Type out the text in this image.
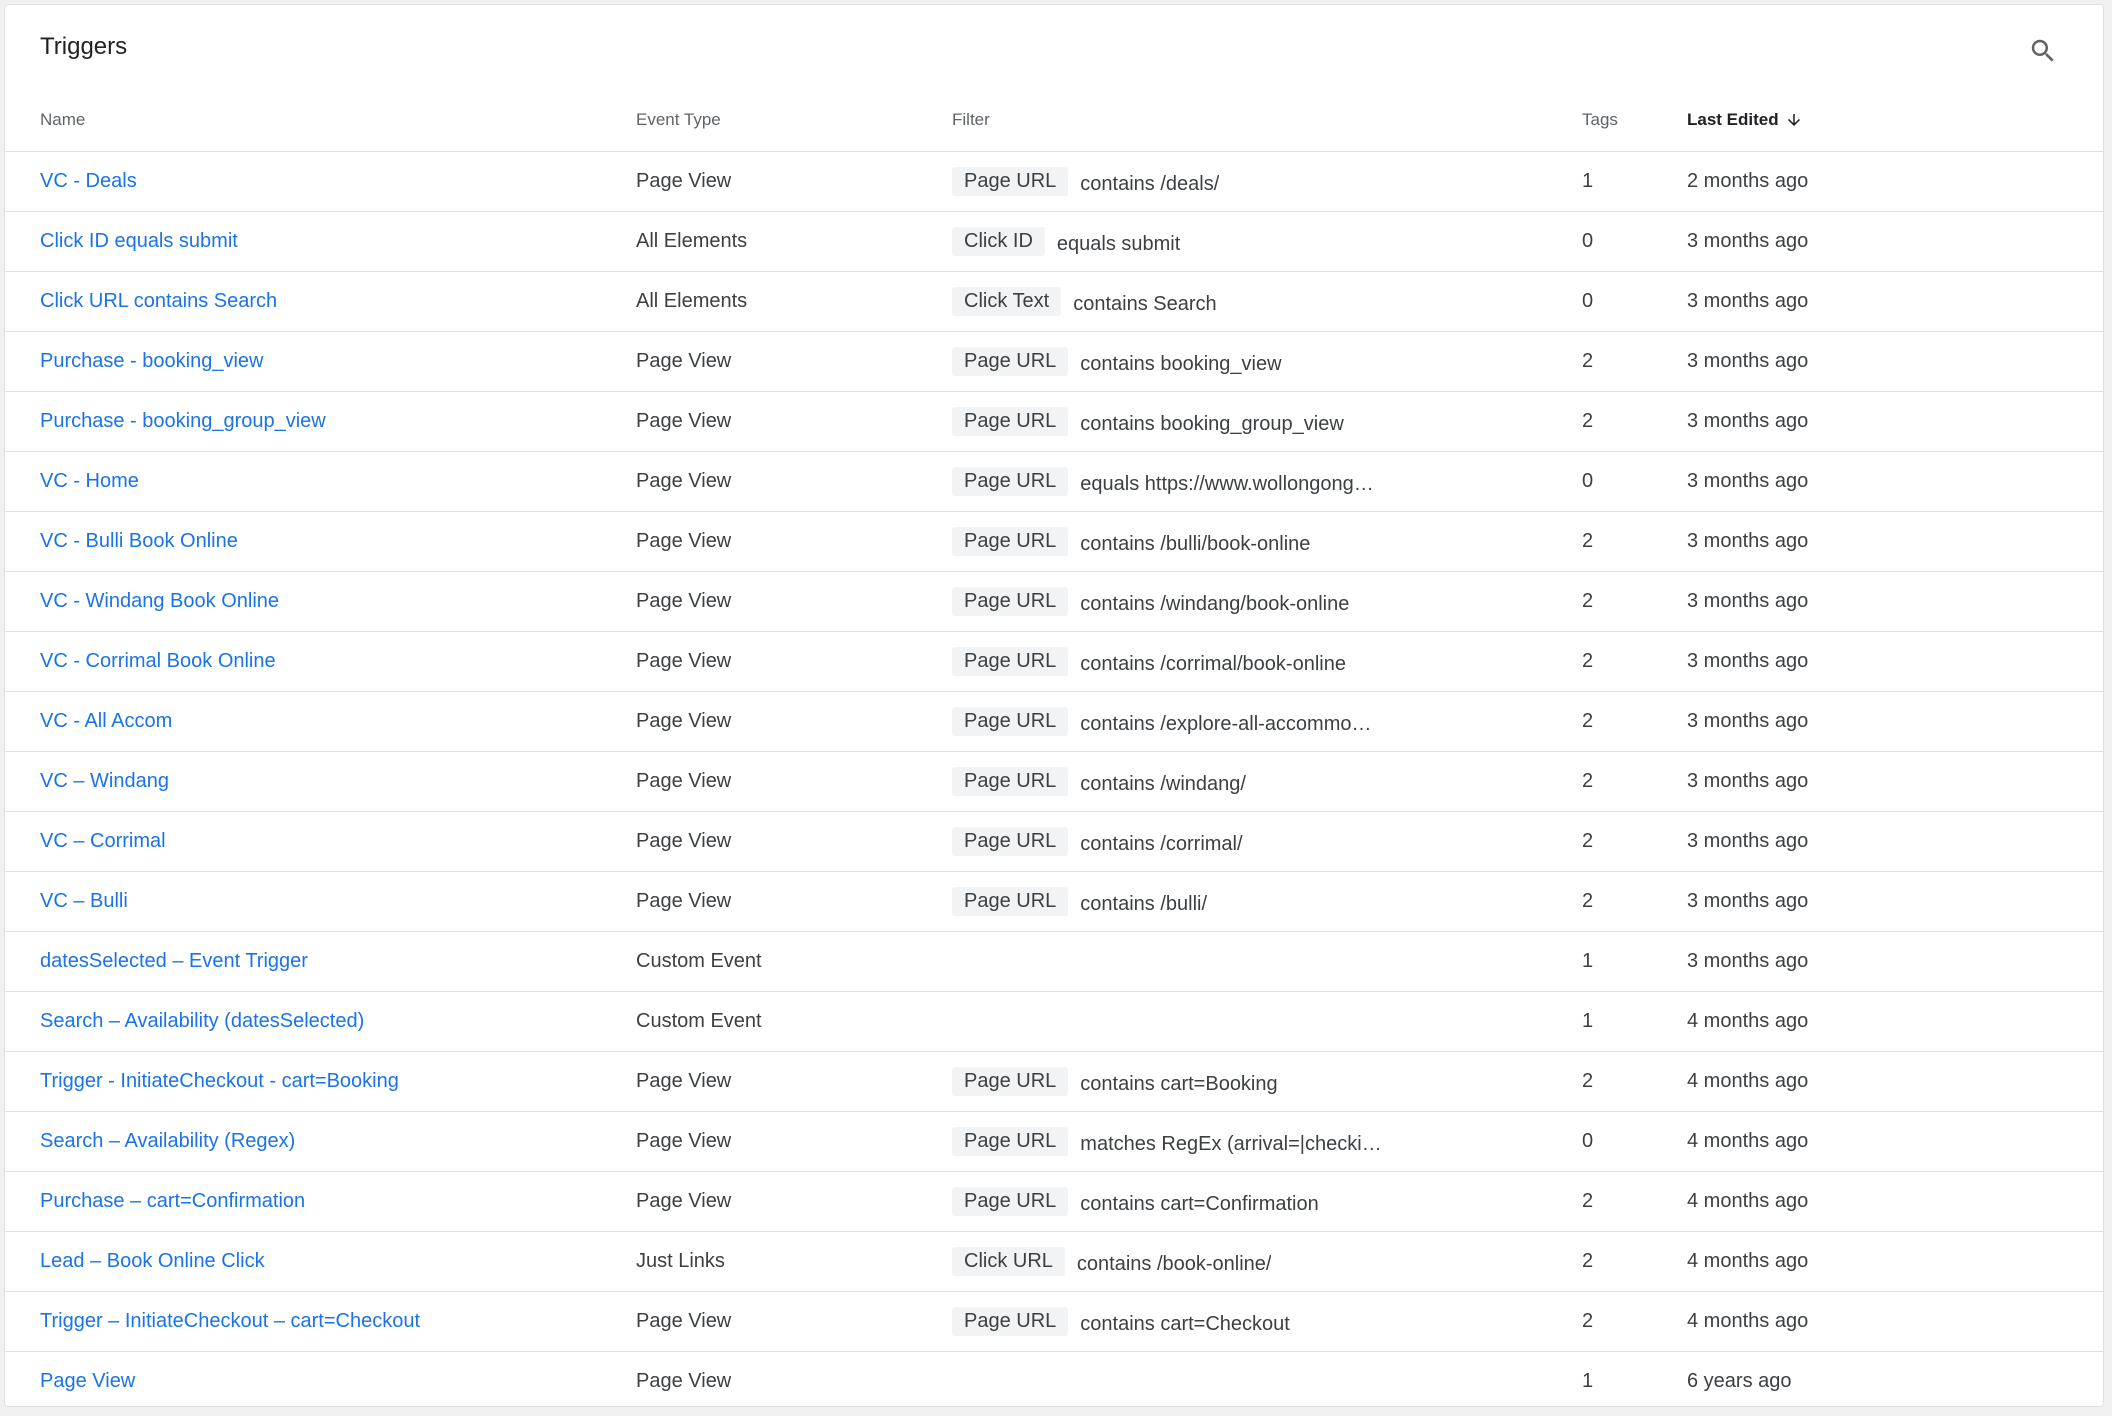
Triggers
Name	Event Type	Filter	Tags	Last Edited

VC - Deals	Page View	Page URL contains /deals/	1	2 months ago
Click ID equals submit	All Elements	Click ID equals submit	0	3 months ago
Click URL contains Search	All Elements	Click Text contains Search	0	3 months ago
Purchase - booking_view	Page View	Page URL contains booking_view	2	3 months ago
Purchase - booking_group_view	Page View	Page URL contains booking_group_view	2	3 months ago
VC - Home	Page View	Page URL equals https://www.wollongong…	0	3 months ago
VC - Bulli Book Online	Page View	Page URL contains /bulli/book-online	2	3 months ago
VC - Windang Book Online	Page View	Page URL contains /windang/book-online	2	3 months ago
VC - Corrimal Book Online	Page View	Page URL contains /corrimal/book-online	2	3 months ago
VC - All Accom	Page View	Page URL contains /explore-all-accommo…	2	3 months ago
VC – Windang	Page View	Page URL contains /windang/	2	3 months ago
VC – Corrimal	Page View	Page URL contains /corrimal/	2	3 months ago
VC – Bulli	Page View	Page URL contains /bulli/	2	3 months ago
datesSelected – Event Trigger	Custom Event		1	3 months ago
Search – Availability (datesSelected)	Custom Event		1	4 months ago
Trigger - InitiateCheckout - cart=Booking	Page View	Page URL contains cart=Booking	2	4 months ago
Search – Availability (Regex)	Page View	Page URL matches RegEx (arrival=|checki…	0	4 months ago
Purchase – cart=Confirmation	Page View	Page URL contains cart=Confirmation	2	4 months ago
Lead – Book Online Click	Just Links	Click URL contains /book-online/	2	4 months ago
Trigger – InitiateCheckout – cart=Checkout	Page View	Page URL contains cart=Checkout	2	4 months ago
Page View	Page View		1	6 years ago
